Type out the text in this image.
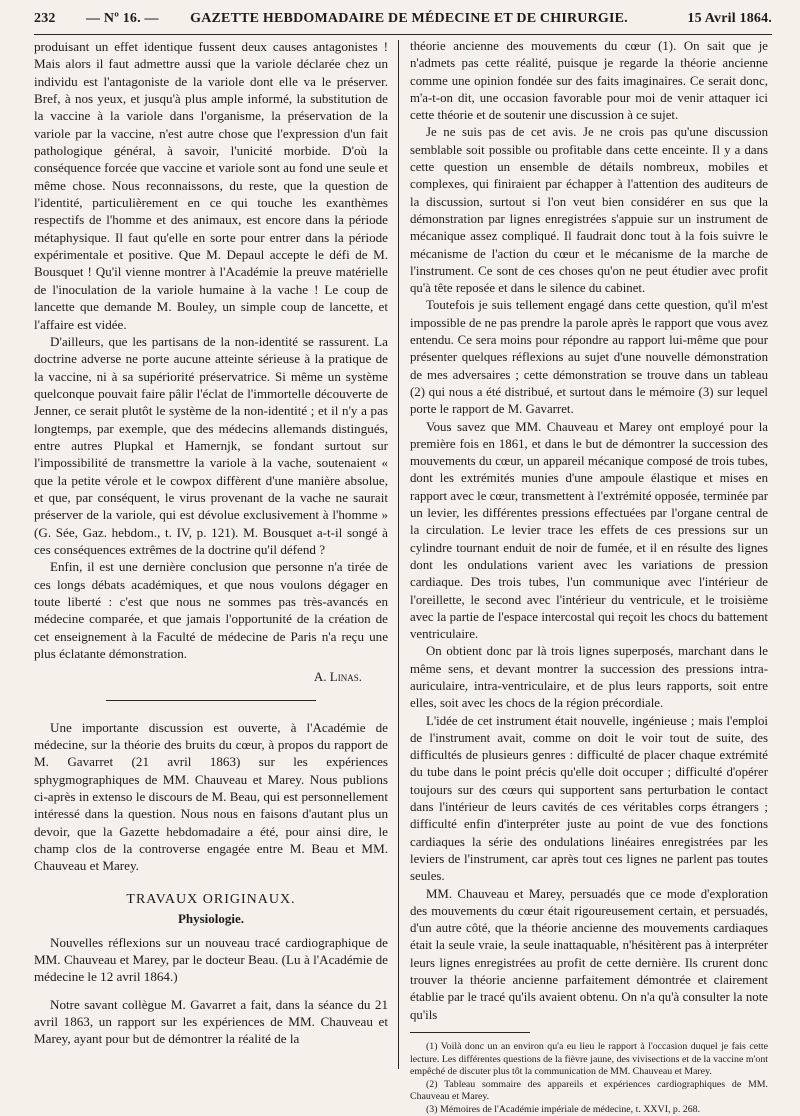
232	— Nº 16. —	GAZETTE HEBDOMADAIRE DE MÉDECINE ET DE CHIRURGIE.	15 Avril 1864.

produisant un effet identique fussent deux causes antagonistes ! Mais alors il faut admettre aussi que la variole déclarée chez un individu est l'antagoniste de la variole dont elle va le préserver. Bref, à nos yeux, et jusqu'à plus ample informé, la substitution de la vaccine à la variole dans l'organisme, la préservation de la variole par la vaccine, n'est autre chose que l'expression d'un fait pathologique général, à savoir, l'unicité morbide. D'où la conséquence forcée que vaccine et variole sont au fond une seule et même chose. Nous reconnaissons, du reste, que la question de l'identité, particulièrement en ce qui touche les exanthèmes respectifs de l'homme et des animaux, est encore dans la période métaphysique. Il faut qu'elle en sorte pour entrer dans la période expérimentale et positive. Que M. Depaul accepte le défi de M. Bousquet ! Qu'il vienne montrer à l'Académie la preuve matérielle de l'inoculation de la variole humaine à la vache ! Le coup de lancette que demande M. Bouley, un simple coup de lancette, et l'affaire est vidée.

D'ailleurs, que les partisans de la non-identité se rassurent. La doctrine adverse ne porte aucune atteinte sérieuse à la pratique de la vaccine, ni à sa supériorité préservatrice. Si même un système quelconque pouvait faire pâlir l'éclat de l'immortelle découverte de Jenner, ce serait plutôt le système de la non-identité ; et il n'y a pas longtemps, par exemple, que des médecins allemands distingués, entre autres Plupkal et Hamernjk, se fondant surtout sur l'impossibilité de transmettre la variole à la vache, soutenaient « que la petite vérole et le cowpox diffèrent d'une manière absolue, et que, par conséquent, le virus provenant de la vache ne saurait préserver de la variole, qui est dévolue exclusivement à l'homme » (G. Sée, Gaz. hebdom., t. IV, p. 121). M. Bousquet a-t-il songé à ces conséquences extrêmes de la doctrine qu'il défend ?

Enfin, il est une dernière conclusion que personne n'a tirée de ces longs débats académiques, et que nous voulons dégager en toute liberté : c'est que nous ne sommes pas très-avancés en médecine comparée, et que jamais l'opportunité de la création de cet enseignement à la Faculté de médecine de Paris n'a reçu une plus éclatante démonstration.

A. Linas.

Une importante discussion est ouverte, à l'Académie de médecine, sur la théorie des bruits du cœur, à propos du rapport de M. Gavarret (21 avril 1863) sur les expériences sphygmographiques de MM. Chauveau et Marey. Nous publions ci-après in extenso le discours de M. Beau, qui est personnellement intéressé dans la question. Nous nous en faisons d'autant plus un devoir, que la Gazette hebdomadaire a été, pour ainsi dire, le champ clos de la controverse engagée entre M. Beau et MM. Chauveau et Marey.

TRAVAUX ORIGINAUX.
Physiologie.

Nouvelles réflexions sur un nouveau tracé cardiographique de MM. Chauveau et Marey, par le docteur Beau. (Lu à l'Académie de médecine le 12 avril 1864.)

Notre savant collègue M. Gavarret a fait, dans la séance du 21 avril 1863, un rapport sur les expériences de MM. Chauveau et Marey, ayant pour but de démontrer la réalité de la

théorie ancienne des mouvements du cœur (1). On sait que je n'admets pas cette réalité, puisque je regarde la théorie ancienne comme une opinion fondée sur des faits imaginaires. Ce serait donc, m'a-t-on dit, une occasion favorable pour moi de venir attaquer ici cette théorie et de soutenir une discussion à ce sujet.

Je ne suis pas de cet avis. Je ne crois pas qu'une discussion semblable soit possible ou profitable dans cette enceinte. Il y a dans cette question un ensemble de détails nombreux, mobiles et complexes, qui finiraient par échapper à l'attention des auditeurs de la discussion, surtout si l'on veut bien considérer en sus que la démonstration par lignes enregistrées s'appuie sur un instrument de mécanique assez compliqué. Il faudrait donc tout à la fois suivre le mécanisme de l'action du cœur et le mécanisme de la marche de l'instrument. Ce sont de ces choses qu'on ne peut étudier avec profit qu'à tête reposée et dans le silence du cabinet.

Toutefois je suis tellement engagé dans cette question, qu'il m'est impossible de ne pas prendre la parole après le rapport que vous avez entendu. Ce sera moins pour répondre au rapport lui-même que pour présenter quelques réflexions au sujet d'une nouvelle démonstration de mes adversaires ; cette démonstration se trouve dans un tableau (2) qui nous a été distribué, et surtout dans le mémoire (3) sur lequel porte le rapport de M. Gavarret.

Vous savez que MM. Chauveau et Marey ont employé pour la première fois en 1861, et dans le but de démontrer la succession des mouvements du cœur, un appareil mécanique composé de trois tubes, dont les extrémités munies d'une ampoule élastique et mises en rapport avec le cœur, transmettent à l'extrémité opposée, terminée par un levier, les différentes pressions effectuées par l'organe central de la circulation. Le levier trace les effets de ces pressions sur un cylindre tournant enduit de noir de fumée, et il en résulte des lignes dont les ondulations varient avec les variations de pression cardiaque. Des trois tubes, l'un communique avec l'intérieur de l'oreillette, le second avec l'intérieur du ventricule, et le troisième avec la partie de l'espace intercostal qui reçoit les chocs du battement ventriculaire.

On obtient donc par là trois lignes superposés, marchant dans le même sens, et devant montrer la succession des pressions intra-auriculaire, intra-ventriculaire, et de plus leurs rapports, soit entre elles, soit avec les chocs de la région précordiale.

L'idée de cet instrument était nouvelle, ingénieuse ; mais l'emploi de l'instrument avait, comme on doit le voir tout de suite, des difficultés de plusieurs genres : difficulté de placer chaque extrémité du tube dans le point précis qu'elle doit occuper ; difficulté d'opérer toujours sur des cœurs qui supportent sans perturbation le contact dans l'intérieur de leurs cavités de ces véritables corps étrangers ; difficulté enfin d'interpréter juste au point de vue des fonctions cardiaques la série des ondulations linéaires enregistrées par les leviers de l'instrument, car après tout ces lignes ne parlent pas toutes seules.

MM. Chauveau et Marey, persuadés que ce mode d'exploration des mouvements du cœur était rigoureusement certain, et persuadés, d'un autre côté, que la théorie ancienne des mouvements cardiaques était la seule vraie, la seule inattaquable, n'hésitèrent pas à interpréter leurs lignes enregistrées au profit de cette dernière. Ils crurent donc trouver la théorie ancienne parfaitement démontrée et clairement établie par le tracé qu'ils avaient obtenu. On n'a qu'à consulter la note qu'ils

(1) Voilà donc un an environ qu'a eu lieu le rapport à l'occasion duquel je fais cette lecture. Les différentes questions de la fièvre jaune, des vivisections et de la vaccine m'ont empêché de discuter plus tôt la communication de MM. Chauveau et Marey.

(2) Tableau sommaire des appareils et expériences cardiographiques de MM. Chauveau et Marey.

(3) Mémoires de l'Académie impériale de médecine, t. XXVI, p. 268.
